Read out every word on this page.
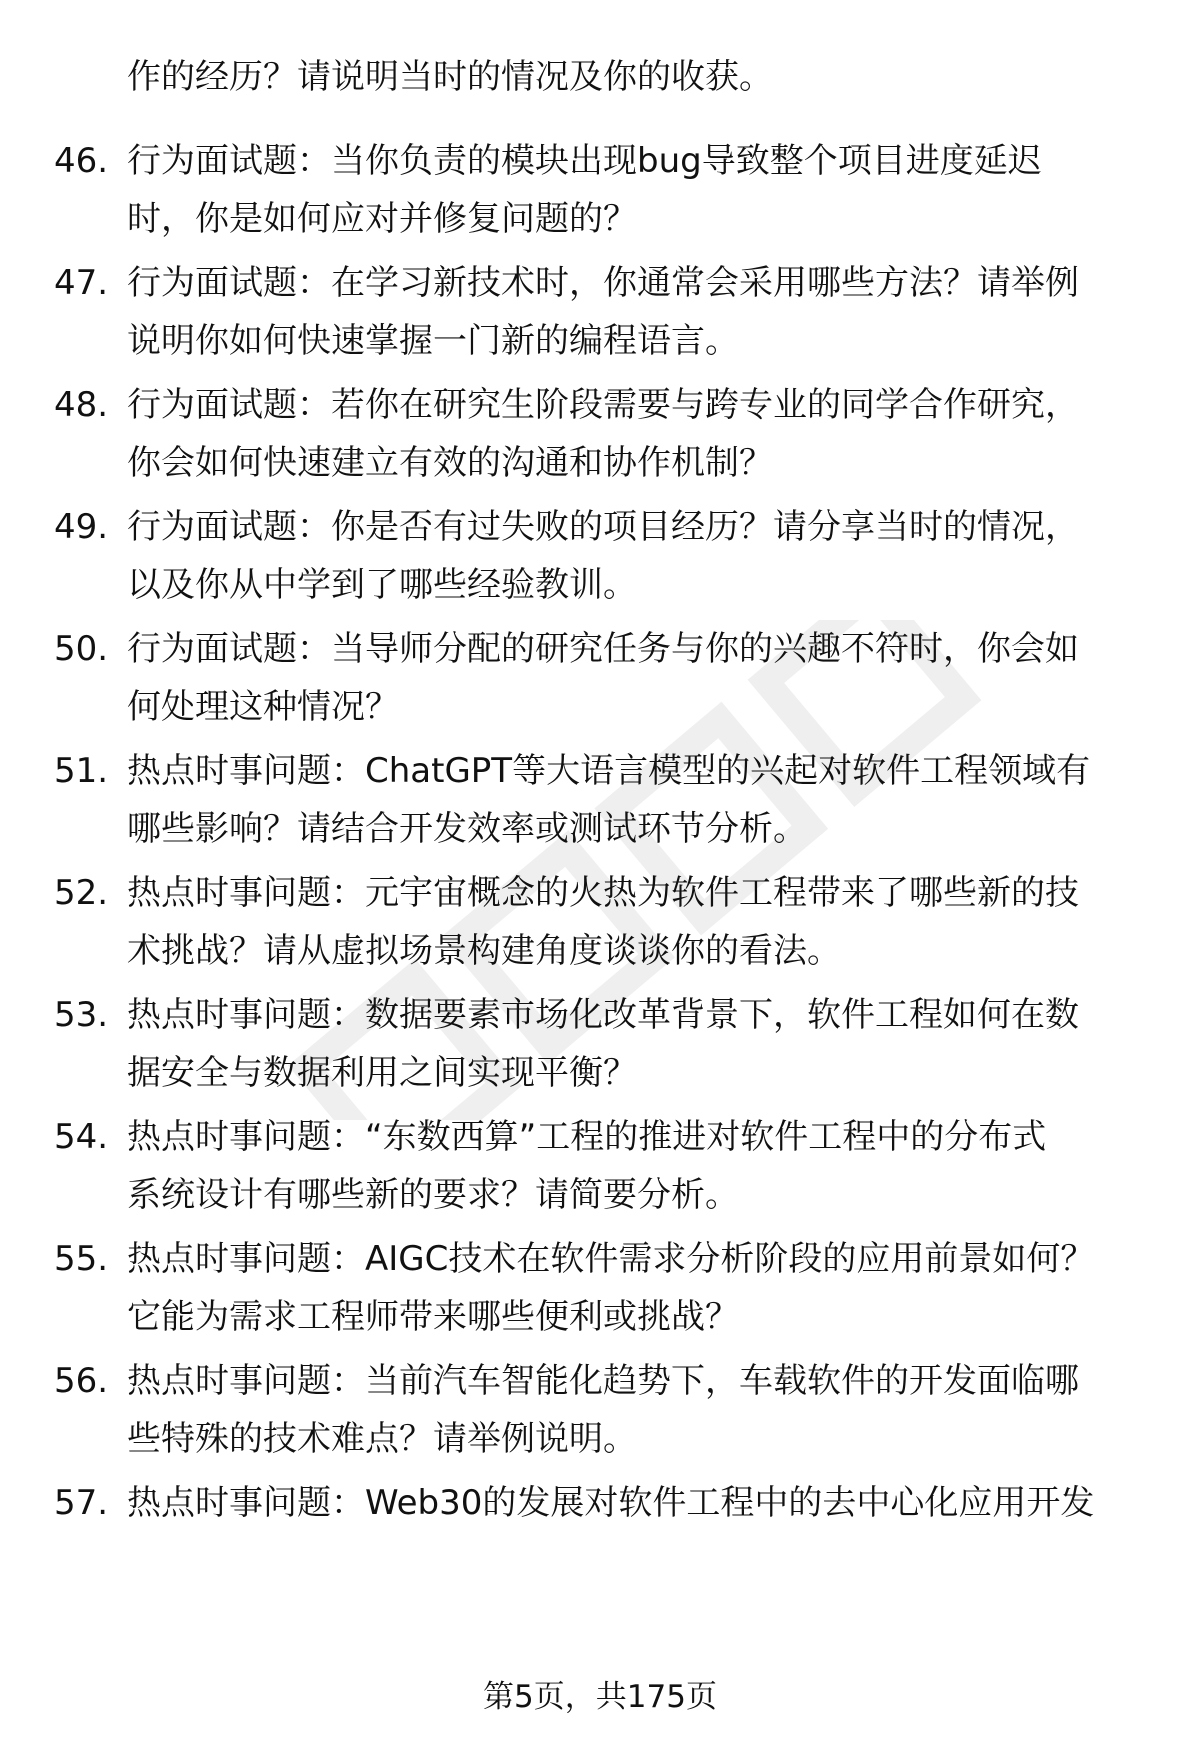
作的经历？请说明当时的情况及你的收获。
46. 行为面试题：当你负责的模块出现bug导致整个项目进度延迟
时，你是如何应对并修复问题的？
47. 行为面试题：在学习新技术时，你通常会采用哪些方法？请举例
说明你如何快速掌握一门新的编程语言。
48. 行为面试题：若你在研究生阶段需要与跨专业的同学合作研究，
你会如何快速建立有效的沟通和协作机制？
49. 行为面试题：你是否有过失败的项目经历？请分享当时的情况，
以及你从中学到了哪些经验教训。
50. 行为面试题：当导师分配的研究任务与你的兴趣不符时，你会如
何处理这种情况？
51. 热点时事问题：ChatGPT等大语言模型的兴起对软件工程领域有
哪些影响？请结合开发效率或测试环节分析。
52. 热点时事问题：元宇宙概念的火热为软件工程带来了哪些新的技
术挑战？请从虚拟场景构建角度谈谈你的看法。
53. 热点时事问题：数据要素市场化改革背景下，软件工程如何在数
据安全与数据利用之间实现平衡？
54. 热点时事问题：“东数西算”工程的推进对软件工程中的分布式
系统设计有哪些新的要求？请简要分析。
55. 热点时事问题：AIGC技术在软件需求分析阶段的应用前景如何？
它能为需求工程师带来哪些便利或挑战？
56. 热点时事问题：当前汽车智能化趋势下，车载软件的开发面临哪
些特殊的技术难点？请举例说明。
57. 热点时事问题：Web30的发展对软件工程中的去中心化应用开发
第5页，共175页
